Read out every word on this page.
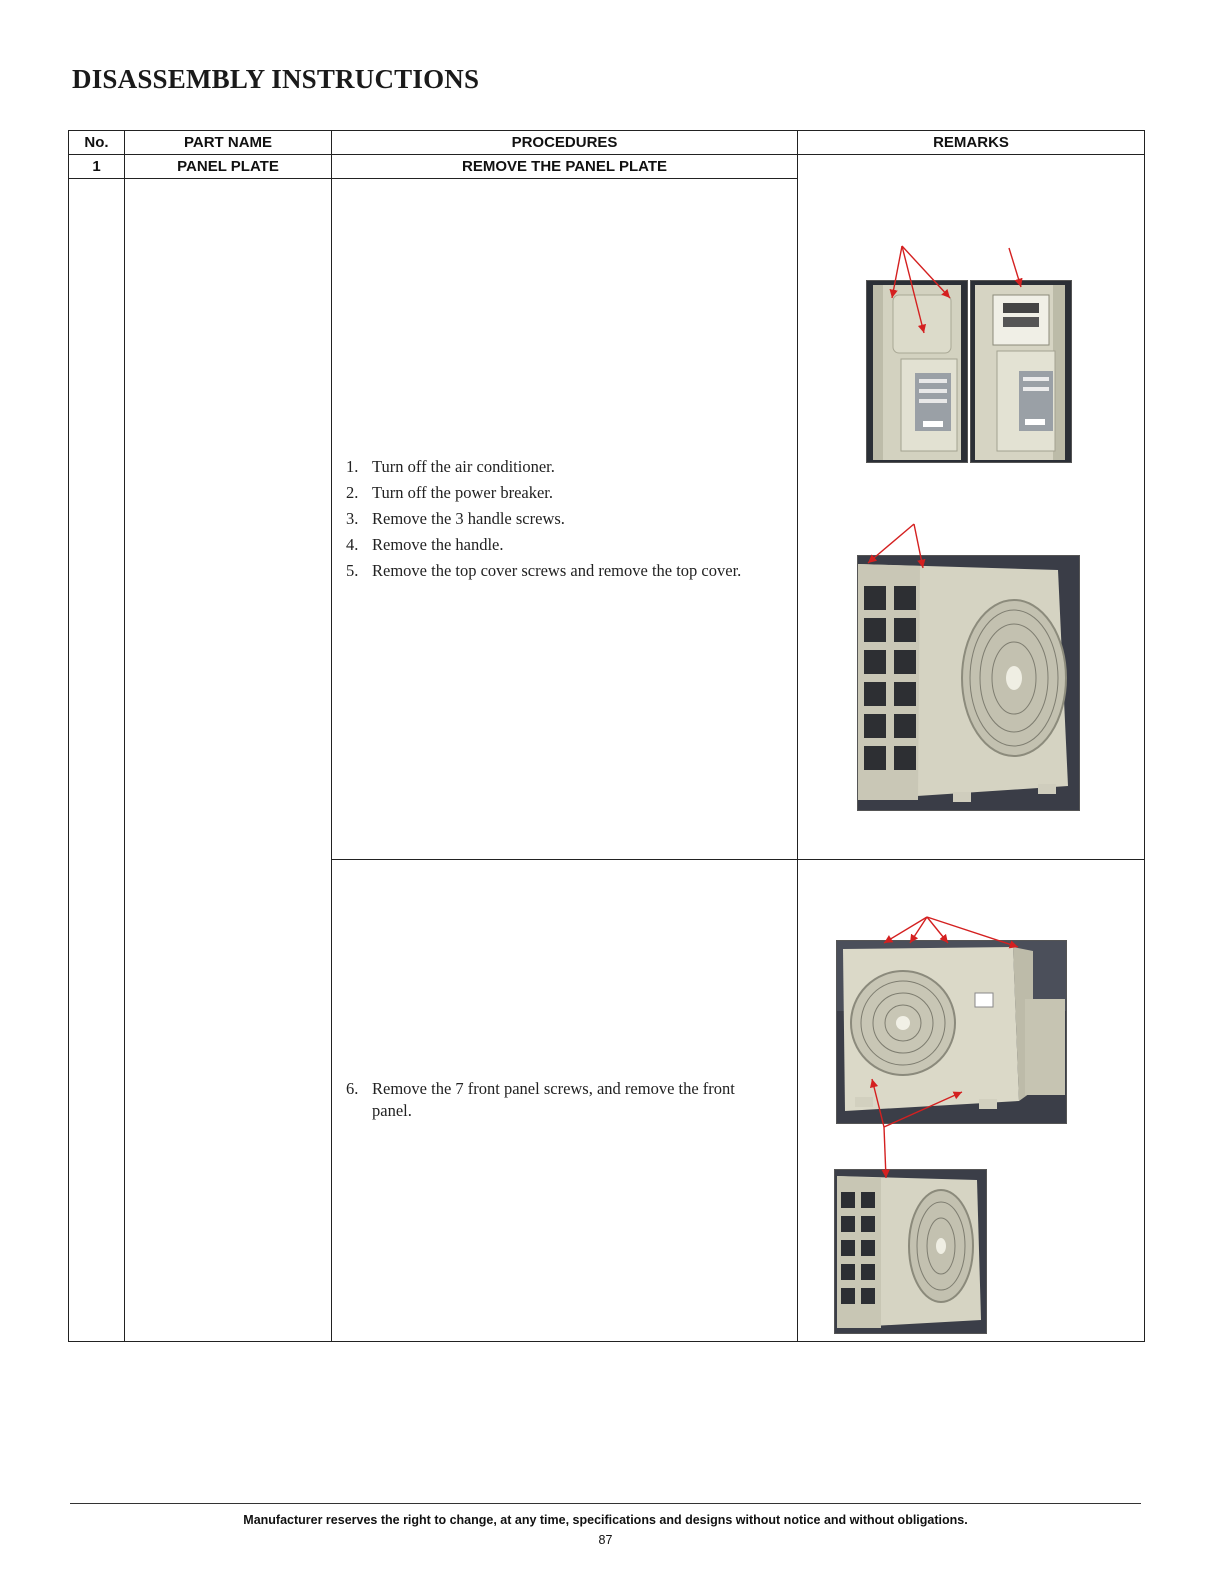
DISASSEMBLY INSTRUCTIONS
No.	PART NAME	PROCEDURES	REMARKS
1	PANEL PLATE	REMOVE THE PANEL PLATE
1. Turn off the air conditioner.
2. Turn off the power breaker.
3. Remove the 3 handle screws.
4. Remove the handle.
5. Remove the top cover screws and remove the top cover.
6. Remove the 7 front panel screws, and remove the front panel.
Manufacturer reserves the right to change, at any time, specifications and designs without notice and without obligations.
87
